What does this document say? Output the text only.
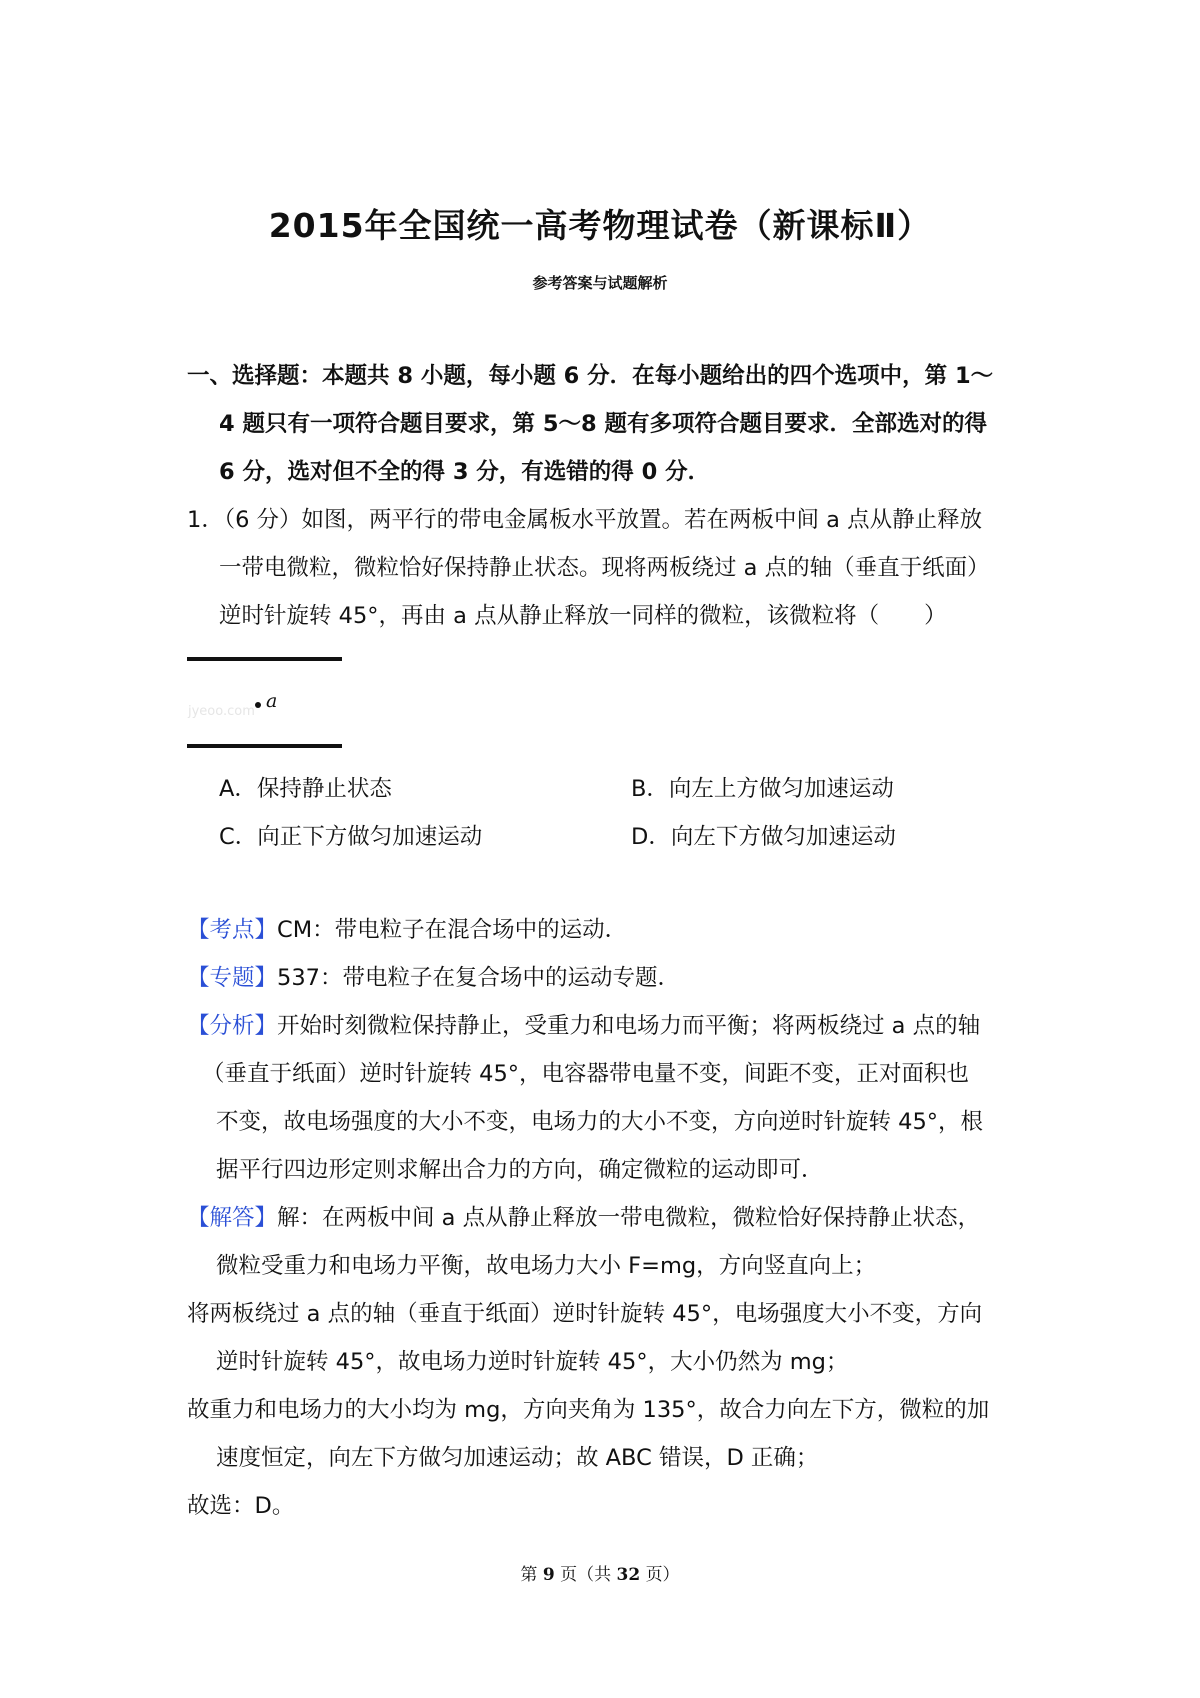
2015年全国统一高考物理试卷（新课标Ⅱ）
参考答案与试题解析
一、选择题：本题共 8 小题，每小题 6 分．在每小题给出的四个选项中，第 1～
4 题只有一项符合题目要求，第 5～8 题有多项符合题目要求．全部选对的得
6 分，选对但不全的得 3 分，有选错的得 0 分．
1．（6 分）如图，两平行的带电金属板水平放置。若在两板中间 a 点从静止释放
一带电微粒，微粒恰好保持静止状态。现将两板绕过 a 点的轴（垂直于纸面）
逆时针旋转 45°，再由 a 点从静止释放一同样的微粒，该微粒将（　　）
jyeoo.com a
A．保持静止状态	B．向左上方做匀加速运动
C．向正下方做匀加速运动	D．向左下方做匀加速运动
【考点】CM：带电粒子在混合场中的运动．
【专题】537：带电粒子在复合场中的运动专题．
【分析】开始时刻微粒保持静止，受重力和电场力而平衡；将两板绕过 a 点的轴
（垂直于纸面）逆时针旋转 45°，电容器带电量不变，间距不变，正对面积也
不变，故电场强度的大小不变，电场力的大小不变，方向逆时针旋转 45°，根
据平行四边形定则求解出合力的方向，确定微粒的运动即可．
【解答】解：在两板中间 a 点从静止释放一带电微粒，微粒恰好保持静止状态，
微粒受重力和电场力平衡，故电场力大小 F=mg，方向竖直向上；
将两板绕过 a 点的轴（垂直于纸面）逆时针旋转 45°，电场强度大小不变，方向
逆时针旋转 45°，故电场力逆时针旋转 45°，大小仍然为 mg；
故重力和电场力的大小均为 mg，方向夹角为 135°，故合力向左下方，微粒的加
速度恒定，向左下方做匀加速运动；故 ABC 错误，D 正确；
故选：D。
第 9 页（共 32 页）
